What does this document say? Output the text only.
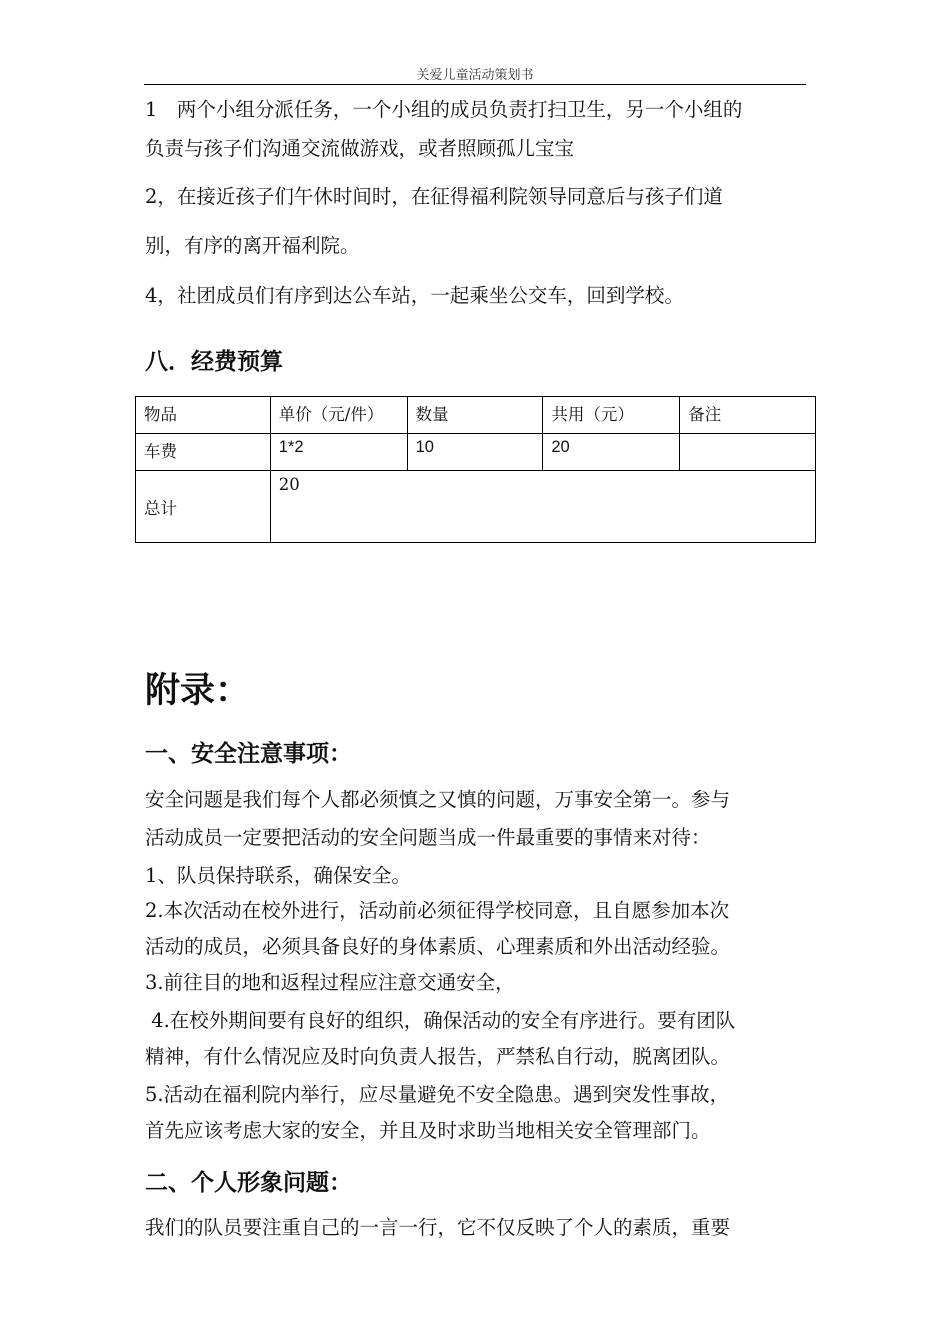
关爱儿童活动策划书
1　两个小组分派任务，一个小组的成员负责打扫卫生，另一个小组的
负责与孩子们沟通交流做游戏，或者照顾孤儿宝宝
2，在接近孩子们午休时间时，在征得福利院领导同意后与孩子们道
别，有序的离开福利院。
4，社团成员们有序到达公车站，一起乘坐公交车，回到学校。
八．经费预算
物品	单价（元/件）	数量	共用（元）	备注
车费	1*2	10	20	
总计	20			
附录：
一、安全注意事项：
安全问题是我们每个人都必须慎之又慎的问题，万事安全第一。参与
活动成员一定要把活动的安全问题当成一件最重要的事情来对待：
1、队员保持联系，确保安全。
2.本次活动在校外进行，活动前必须征得学校同意，且自愿参加本次
活动的成员，必须具备良好的身体素质、心理素质和外出活动经验。
3.前往目的地和返程过程应注意交通安全，
4.在校外期间要有良好的组织，确保活动的安全有序进行。要有团队
精神，有什么情况应及时向负责人报告，严禁私自行动，脱离团队。
5.活动在福利院内举行，应尽量避免不安全隐患。遇到突发性事故，
首先应该考虑大家的安全，并且及时求助当地相关安全管理部门。
二、个人形象问题：
我们的队员要注重自己的一言一行，它不仅反映了个人的素质，重要
